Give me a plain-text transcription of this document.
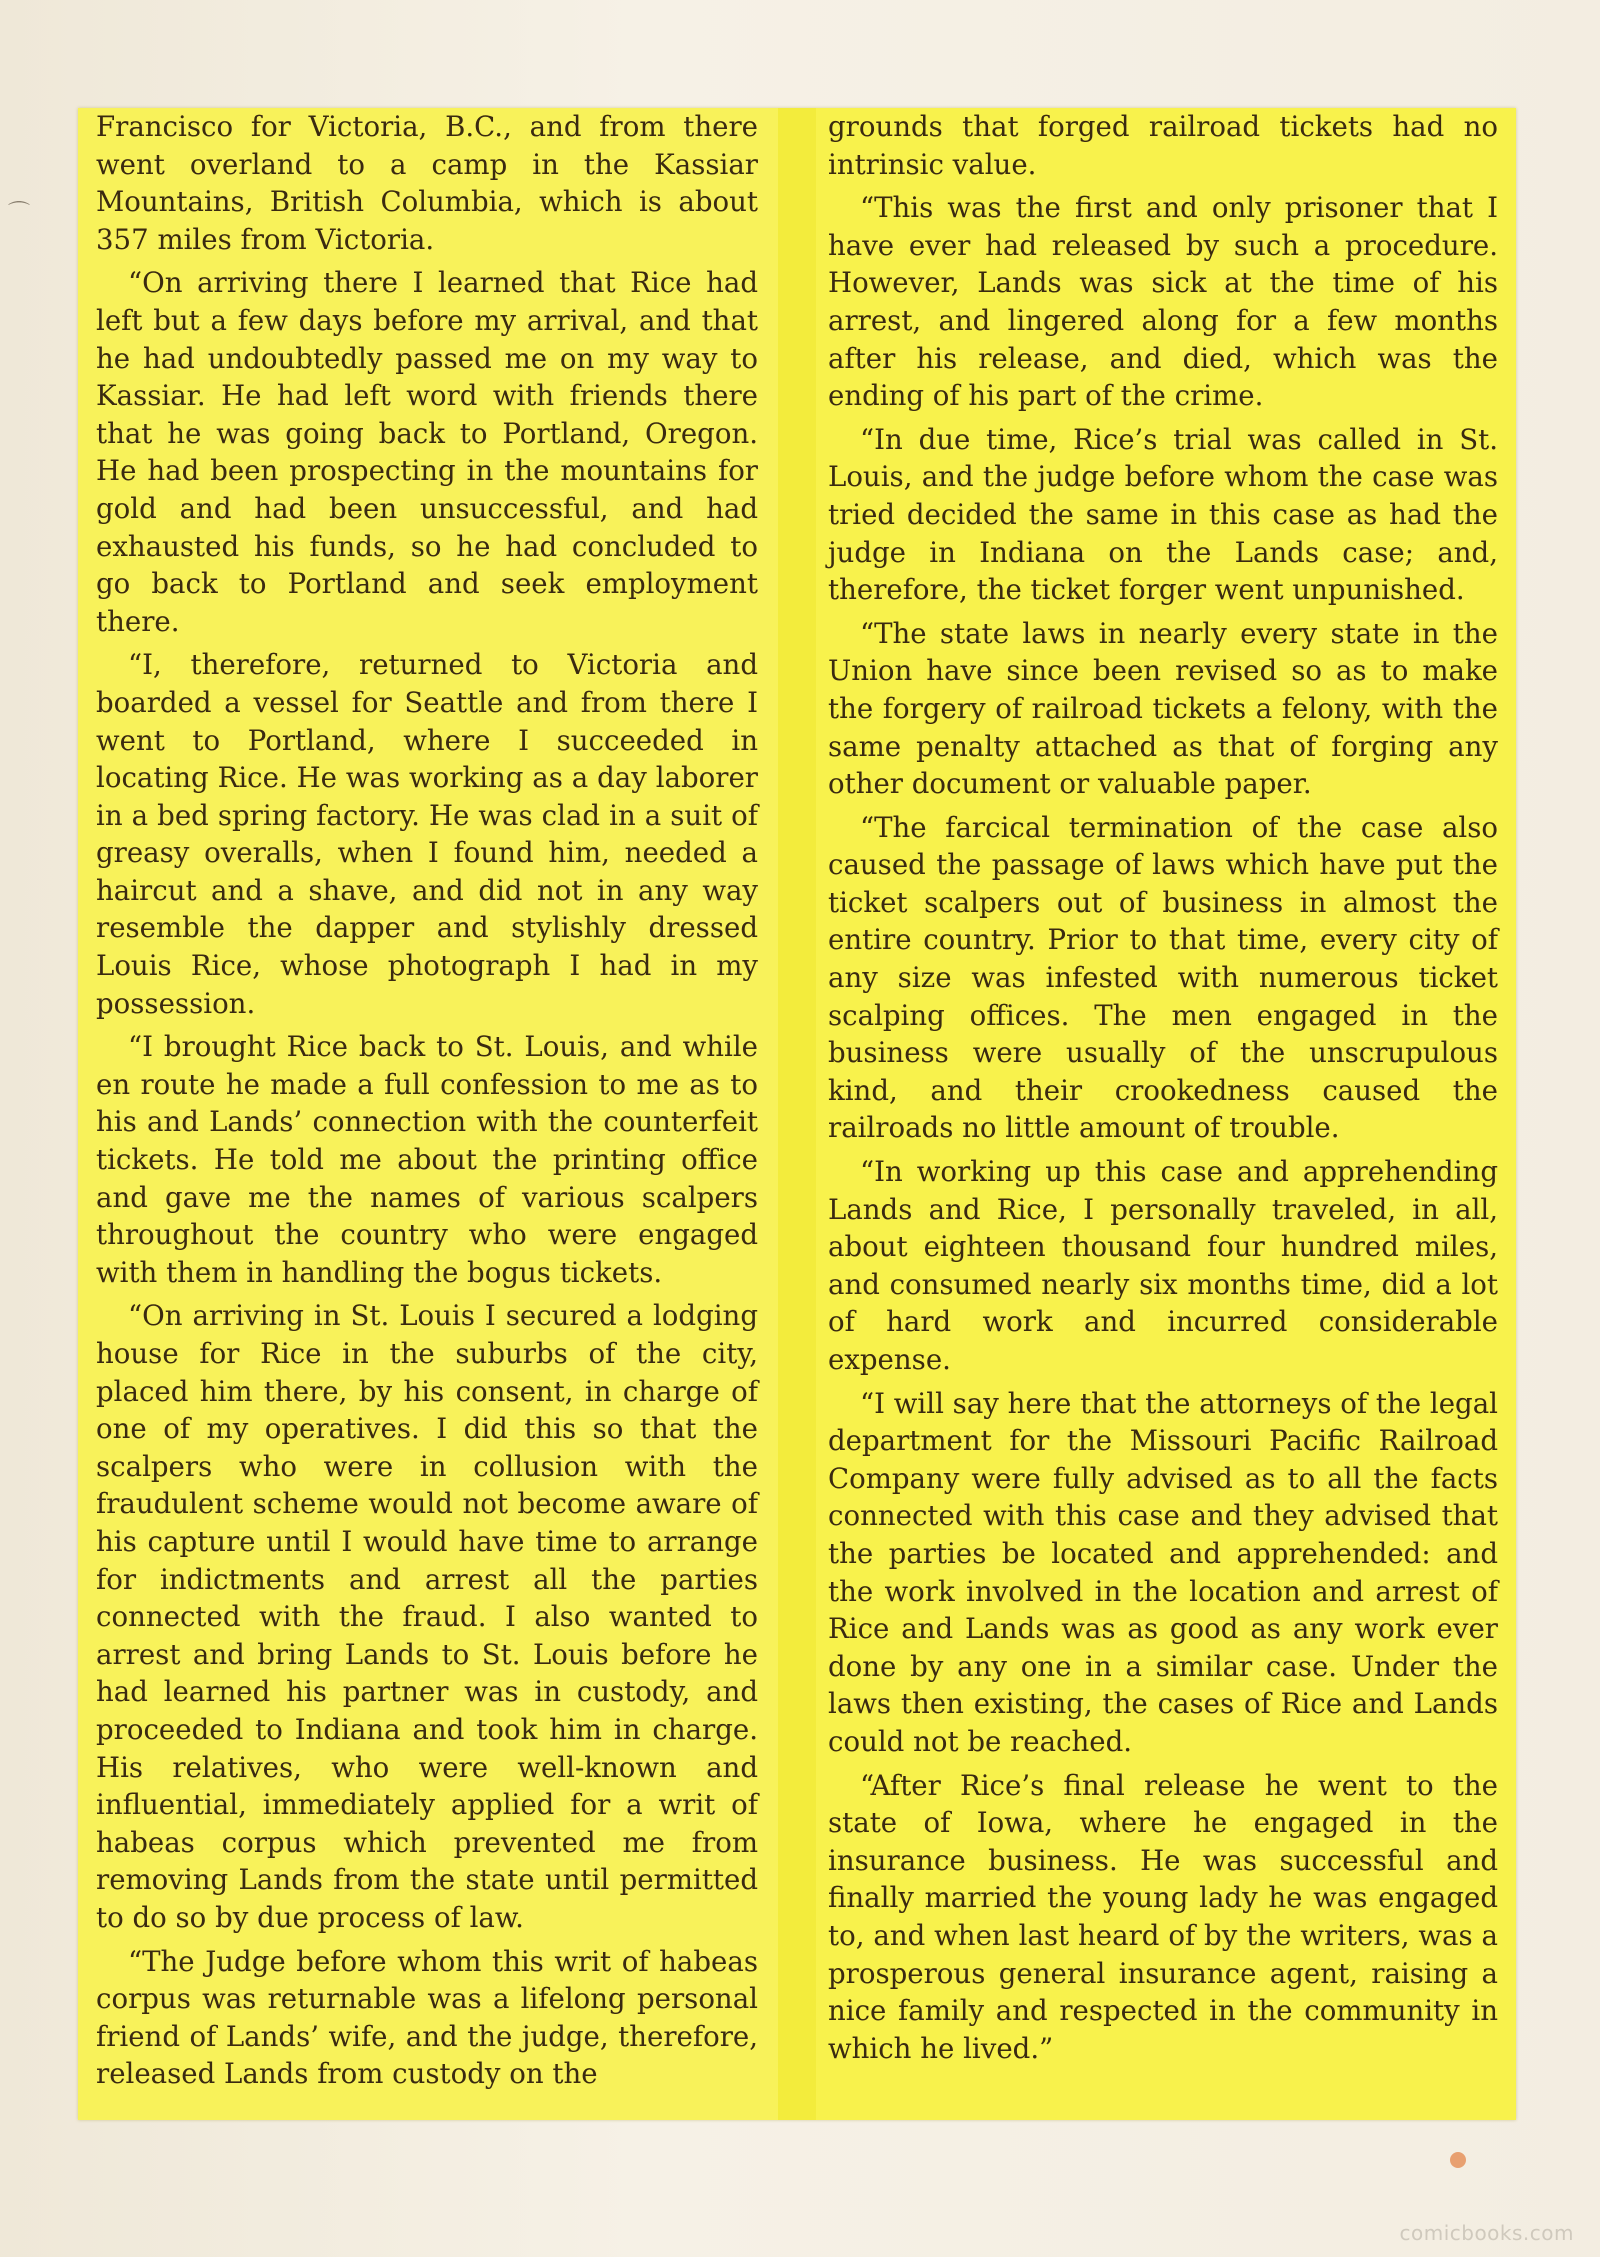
⌒

Francisco for Victoria, B.C., and from there went overland to a camp in the Kassiar Mountains, British Columbia, which is about 357 miles from Victoria.

“On arriving there I learned that Rice had left but a few days before my arrival, and that he had undoubtedly passed me on my way to Kassiar. He had left word with friends there that he was going back to Portland, Oregon. He had been prospecting in the mountains for gold and had been unsuccessful, and had exhausted his funds, so he had concluded to go back to Portland and seek employment there.

“I, therefore, returned to Victoria and boarded a vessel for Seattle and from there I went to Portland, where I succeeded in locating Rice. He was working as a day laborer in a bed spring factory. He was clad in a suit of greasy overalls, when I found him, needed a haircut and a shave, and did not in any way resemble the dapper and stylishly dressed Louis Rice, whose photograph I had in my possession.

“I brought Rice back to St. Louis, and while en route he made a full confession to me as to his and Lands’ connection with the counterfeit tickets. He told me about the printing office and gave me the names of various scalpers throughout the country who were engaged with them in handling the bogus tickets.

“On arriving in St. Louis I secured a lodging house for Rice in the suburbs of the city, placed him there, by his consent, in charge of one of my operatives. I did this so that the scalpers who were in collusion with the fraudulent scheme would not become aware of his capture until I would have time to arrange for indictments and arrest all the parties connected with the fraud. I also wanted to arrest and bring Lands to St. Louis before he had learned his partner was in custody, and proceeded to Indiana and took him in charge. His relatives, who were well-known and influential, immediately applied for a writ of habeas corpus which prevented me from removing Lands from the state until permitted to do so by due process of law.

“The Judge before whom this writ of habeas corpus was returnable was a lifelong personal friend of Lands’ wife, and the judge, therefore, released Lands from custody on the

grounds that forged railroad tickets had no intrinsic value.

“This was the first and only prisoner that I have ever had released by such a procedure. However, Lands was sick at the time of his arrest, and lingered along for a few months after his release, and died, which was the ending of his part of the crime.

“In due time, Rice’s trial was called in St. Louis, and the judge before whom the case was tried decided the same in this case as had the judge in Indiana on the Lands case; and, therefore, the ticket forger went unpunished.

“The state laws in nearly every state in the Union have since been revised so as to make the forgery of railroad tickets a felony, with the same penalty attached as that of forging any other document or valuable paper.

“The farcical termination of the case also caused the passage of laws which have put the ticket scalpers out of business in almost the entire country. Prior to that time, every city of any size was infested with numerous ticket scalping offices. The men engaged in the business were usually of the unscrupulous kind, and their crookedness caused the railroads no little amount of trouble.

“In working up this case and apprehending Lands and Rice, I personally traveled, in all, about eighteen thousand four hundred miles, and consumed nearly six months time, did a lot of hard work and incurred considerable expense.

“I will say here that the attorneys of the legal department for the Missouri Pacific Railroad Company were fully advised as to all the facts connected with this case and they advised that the parties be located and apprehended: and the work involved in the location and arrest of Rice and Lands was as good as any work ever done by any one in a similar case. Under the laws then existing, the cases of Rice and Lands could not be reached.

“After Rice’s final release he went to the state of Iowa, where he engaged in the insurance business. He was successful and finally married the young lady he was engaged to, and when last heard of by the writers, was a prosperous general insurance agent, raising a nice family and respected in the community in which he lived.”

comicbooks.com
